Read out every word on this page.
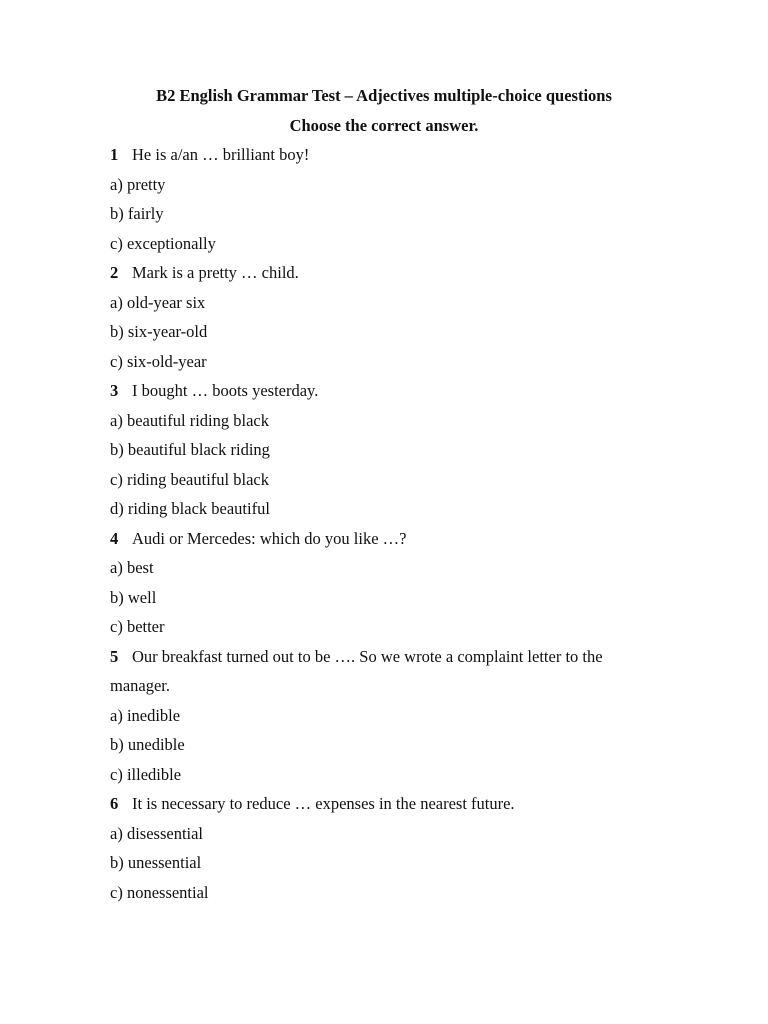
B2 English Grammar Test – Adjectives multiple-choice questions
Choose the correct answer.
1 He is a/an … brilliant boy!
a) pretty
b) fairly
c) exceptionally
2 Mark is a pretty … child.
a) old-year six
b) six-year-old
c) six-old-year
3 I bought … boots yesterday.
a) beautiful riding black
b) beautiful black riding
c) riding beautiful black
d) riding black beautiful
4 Audi or Mercedes: which do you like …?
a) best
b) well
c) better
5 Our breakfast turned out to be …. So we wrote a complaint letter to the
manager.
a) inedible
b) unedible
c) illedible
6 It is necessary to reduce … expenses in the nearest future.
a) disessential
b) unessential
c) nonessential
